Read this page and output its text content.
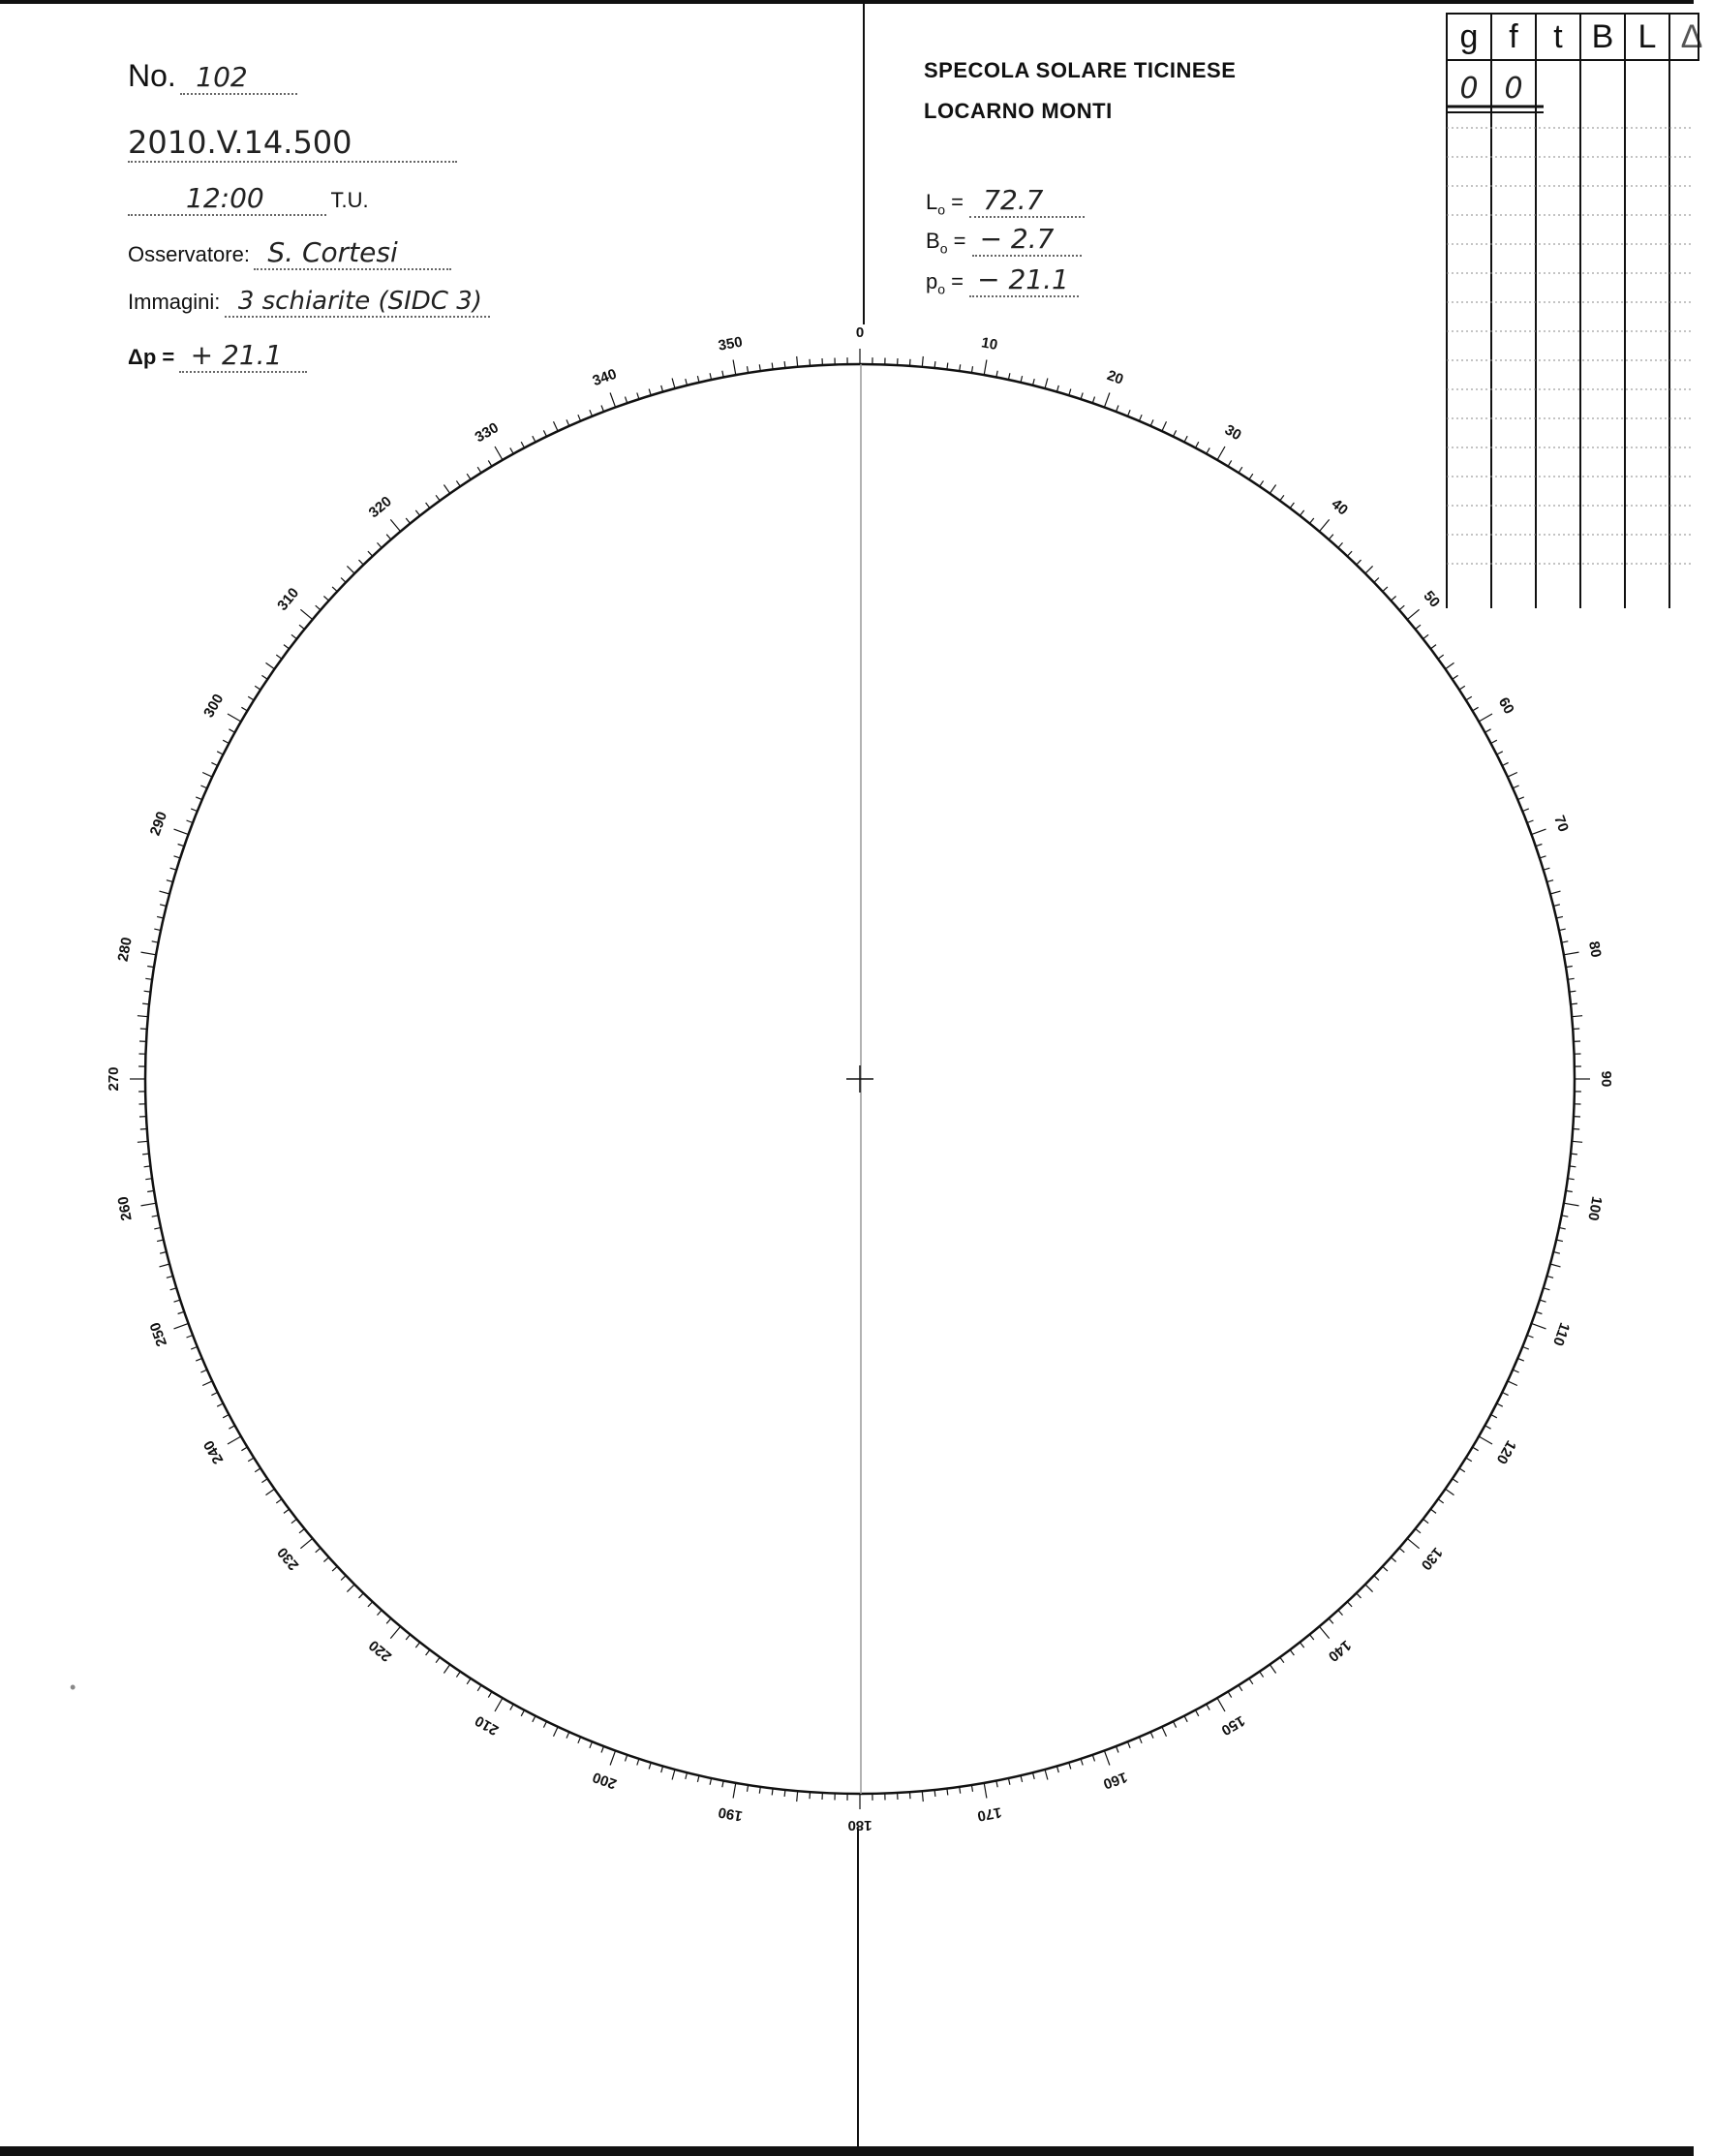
No. 102
2010.V.14.500
12:00	T.U.
Osservatore: S. Cortesi
Immagini: 3 schiarite (SIDC 3)
Δp = + 21.1
SPECOLA SOLARE TICINESE
LOCARNO MONTI
$L_o = 72.7$
$B_o$ = − 2.7
$p_o$ = − 21.1
g f	t B L Δ
0 0
0
10
20
30
40
50
60
70
80
90
100
110
120
130
140
150
160
170
180
190
200
210
220
230
240
250
260
270
280
290
300
310
320
330
340
350
•
